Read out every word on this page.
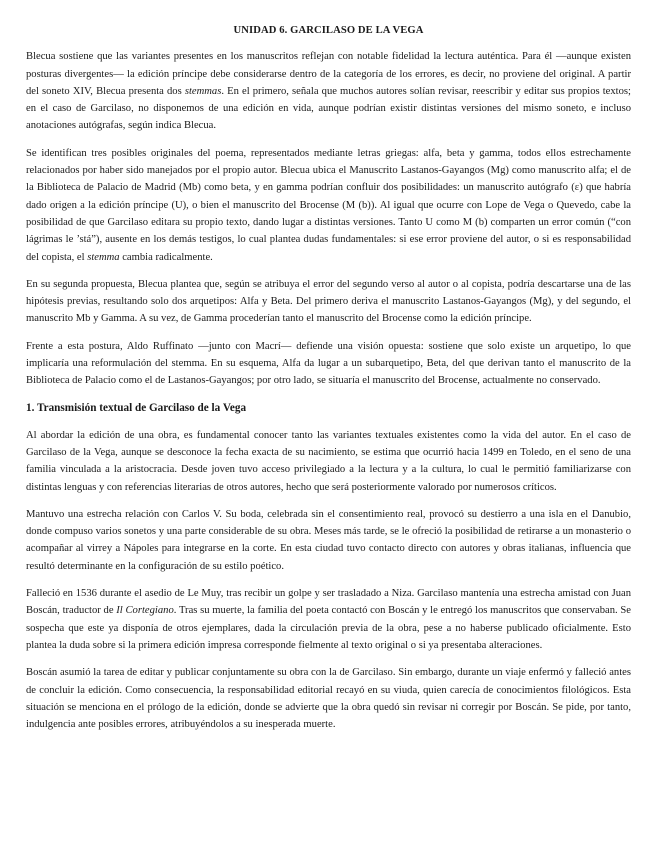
UNIDAD 6. GARCILASO DE LA VEGA

Blecua sostiene que las variantes presentes en los manuscritos reflejan con notable fidelidad la lectura auténtica. Para él —aunque existen posturas divergentes— la edición príncipe debe considerarse dentro de la categoría de los errores, es decir, no proviene del original. A partir del soneto XIV, Blecua presenta dos stemmas. En el primero, señala que muchos autores solían revisar, reescribir y editar sus propios textos; en el caso de Garcilaso, no disponemos de una edición en vida, aunque podrían existir distintas versiones del mismo soneto, e incluso anotaciones autógrafas, según indica Blecua.

Se identifican tres posibles originales del poema, representados mediante letras griegas: alfa, beta y gamma, todos ellos estrechamente relacionados por haber sido manejados por el propio autor. Blecua ubica el Manuscrito Lastanos-Gayangos (Mg) como manuscrito alfa; el de la Biblioteca de Palacio de Madrid (Mb) como beta, y en gamma podrían confluir dos posibilidades: un manuscrito autógrafo (ε) que habría dado origen a la edición príncipe (U), o bien el manuscrito del Brocense (M (b)). Al igual que ocurre con Lope de Vega o Quevedo, cabe la posibilidad de que Garcilaso editara su propio texto, dando lugar a distintas versiones. Tanto U como M (b) comparten un error común (“con lágrimas le ’stá”), ausente en los demás testigos, lo cual plantea dudas fundamentales: si ese error proviene del autor, o si es responsabilidad del copista, el stemma cambia radicalmente.

En su segunda propuesta, Blecua plantea que, según se atribuya el error del segundo verso al autor o al copista, podría descartarse una de las hipótesis previas, resultando solo dos arquetipos: Alfa y Beta. Del primero deriva el manuscrito Lastanos-Gayangos (Mg), y del segundo, el manuscrito Mb y Gamma. A su vez, de Gamma procederían tanto el manuscrito del Brocense como la edición príncipe.

Frente a esta postura, Aldo Ruffinato —junto con Macrí— defiende una visión opuesta: sostiene que solo existe un arquetipo, lo que implicaría una reformulación del stemma. En su esquema, Alfa da lugar a un subarquetipo, Beta, del que derivan tanto el manuscrito de la Biblioteca de Palacio como el de Lastanos-Gayangos; por otro lado, se situaría el manuscrito del Brocense, actualmente no conservado.

1. Transmisión textual de Garcilaso de la Vega

Al abordar la edición de una obra, es fundamental conocer tanto las variantes textuales existentes como la vida del autor. En el caso de Garcilaso de la Vega, aunque se desconoce la fecha exacta de su nacimiento, se estima que ocurrió hacia 1499 en Toledo, en el seno de una familia vinculada a la aristocracia. Desde joven tuvo acceso privilegiado a la lectura y a la cultura, lo cual le permitió familiarizarse con distintas lenguas y con referencias literarias de otros autores, hecho que será posteriormente valorado por numerosos críticos.

Mantuvo una estrecha relación con Carlos V. Su boda, celebrada sin el consentimiento real, provocó su destierro a una isla en el Danubio, donde compuso varios sonetos y una parte considerable de su obra. Meses más tarde, se le ofreció la posibilidad de retirarse a un monasterio o acompañar al virrey a Nápoles para integrarse en la corte. En esta ciudad tuvo contacto directo con autores y obras italianas, influencia que resultó determinante en la configuración de su estilo poético.

Falleció en 1536 durante el asedio de Le Muy, tras recibir un golpe y ser trasladado a Niza. Garcilaso mantenía una estrecha amistad con Juan Boscán, traductor de Il Cortegiano. Tras su muerte, la familia del poeta contactó con Boscán y le entregó los manuscritos que conservaban. Se sospecha que este ya disponía de otros ejemplares, dada la circulación previa de la obra, pese a no haberse publicado oficialmente. Esto plantea la duda sobre si la primera edición impresa corresponde fielmente al texto original o si ya presentaba alteraciones.

Boscán asumió la tarea de editar y publicar conjuntamente su obra con la de Garcilaso. Sin embargo, durante un viaje enfermó y falleció antes de concluir la edición. Como consecuencia, la responsabilidad editorial recayó en su viuda, quien carecía de conocimientos filológicos. Esta situación se menciona en el prólogo de la edición, donde se advierte que la obra quedó sin revisar ni corregir por Boscán. Se pide, por tanto, indulgencia ante posibles errores, atribuyéndolos a su inesperada muerte.
